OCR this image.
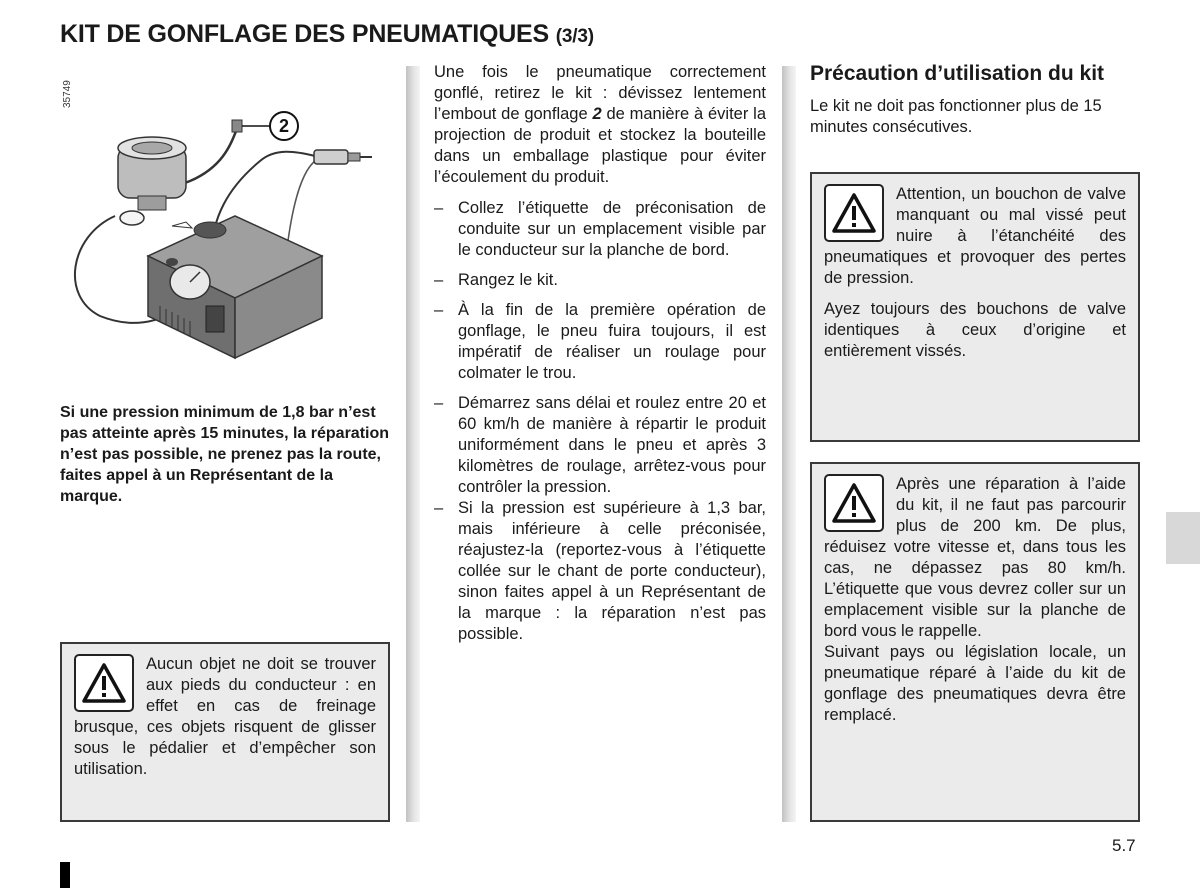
KIT DE GONFLAGE DES PNEUMATIQUES (3/3)
2
35749

Si une pression minimum de 1,8 bar n’est pas atteinte après 15 minutes, la réparation n’est pas possible, ne prenez pas la route, faites appel à un Représentant de la marque.

Aucun objet ne doit se trouver aux pieds du conducteur : en effet en cas de freinage brusque, ces objets risquent de glisser sous le pédalier et d’empêcher son utilisation.

Une fois le pneumatique correctement gonflé, retirez le kit : dévissez lentement l’embout de gonflage 2 de manière à éviter la projection de produit et stockez la bouteille dans un emballage plastique pour éviter l’écoulement du produit.

– Collez l’étiquette de préconisation de conduite sur un emplacement visible par le conducteur sur la planche de bord.
– Rangez le kit.
– À la fin de la première opération de gonflage, le pneu fuira toujours, il est impératif de réaliser un roulage pour colmater le trou.
– Démarrez sans délai et roulez entre 20 et 60 km/h de manière à répartir le produit uniformément dans le pneu et après 3 kilomètres de roulage, arrêtez-vous pour contrôler la pression.
– Si la pression est supérieure à 1,3 bar, mais inférieure à celle préconisée, réajustez-la (reportez-vous à l’étiquette collée sur le chant de porte conducteur), sinon faites appel à un Représentant de la marque : la réparation n’est pas possible.
Précaution d’utilisation du kit

Le kit ne doit pas fonctionner plus de 15 minutes consécutives.

Attention, un bouchon de valve manquant ou mal vissé peut nuire à l’étanchéité des pneumatiques et provoquer des pertes de pression.

Ayez toujours des bouchons de valve identiques à ceux d’origine et entièrement vissés.

Après une réparation à l’aide du kit, il ne faut pas parcourir plus de 200 km. De plus, réduisez votre vitesse et, dans tous les cas, ne dépassez pas 80 km/h. L’étiquette que vous devrez coller sur un emplacement visible sur la planche de bord vous le rappelle.

Suivant pays ou législation locale, un pneumatique réparé à l’aide du kit de gonflage des pneumatiques devra être remplacé.

5.7
